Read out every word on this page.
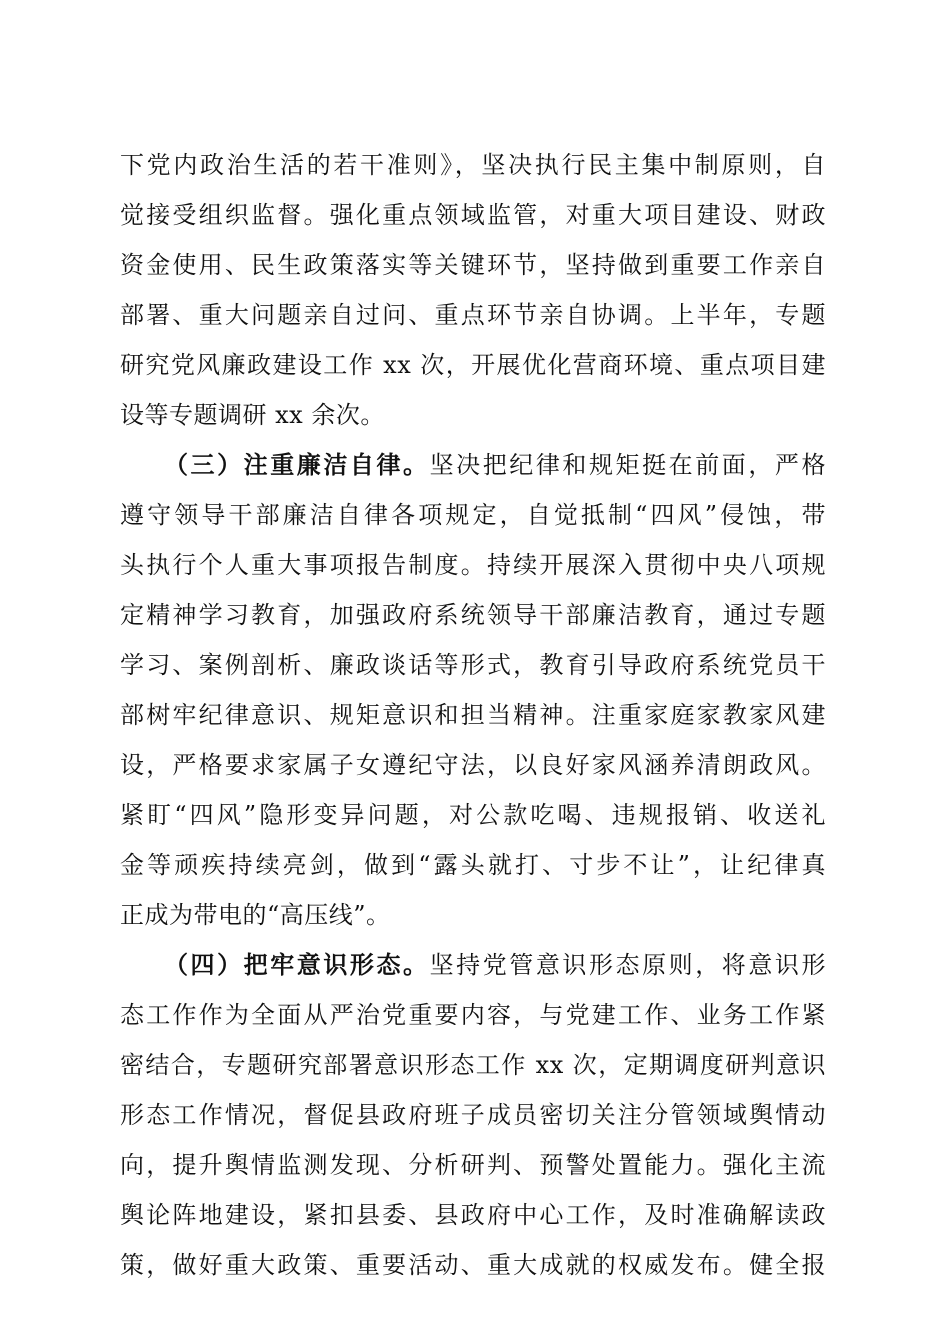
下党内政治生活的若干准则》，坚决执行民主集中制原则，自
觉接受组织监督。强化重点领域监管，对重大项目建设、财政
资金使用、民生政策落实等关键环节，坚持做到重要工作亲自
部署、重大问题亲自过问、重点环节亲自协调。上半年，专题
研究党风廉政建设工作 xx 次，开展优化营商环境、重点项目建
设等专题调研 xx 余次。
（三）注重廉洁自律。坚决把纪律和规矩挺在前面，严格
遵守领导干部廉洁自律各项规定，自觉抵制“四风”侵蚀，带
头执行个人重大事项报告制度。持续开展深入贯彻中央八项规
定精神学习教育，加强政府系统领导干部廉洁教育，通过专题
学习、案例剖析、廉政谈话等形式，教育引导政府系统党员干
部树牢纪律意识、规矩意识和担当精神。注重家庭家教家风建
设，严格要求家属子女遵纪守法，以良好家风涵养清朗政风。
紧盯“四风”隐形变异问题，对公款吃喝、违规报销、收送礼
金等顽疾持续亮剑，做到“露头就打、寸步不让”，让纪律真
正成为带电的“高压线”。
（四）把牢意识形态。坚持党管意识形态原则，将意识形
态工作作为全面从严治党重要内容，与党建工作、业务工作紧
密结合，专题研究部署意识形态工作 xx 次，定期调度研判意识
形态工作情况，督促县政府班子成员密切关注分管领域舆情动
向，提升舆情监测发现、分析研判、预警处置能力。强化主流
舆论阵地建设，紧扣县委、县政府中心工作，及时准确解读政
策，做好重大政策、重要活动、重大成就的权威发布。健全报
